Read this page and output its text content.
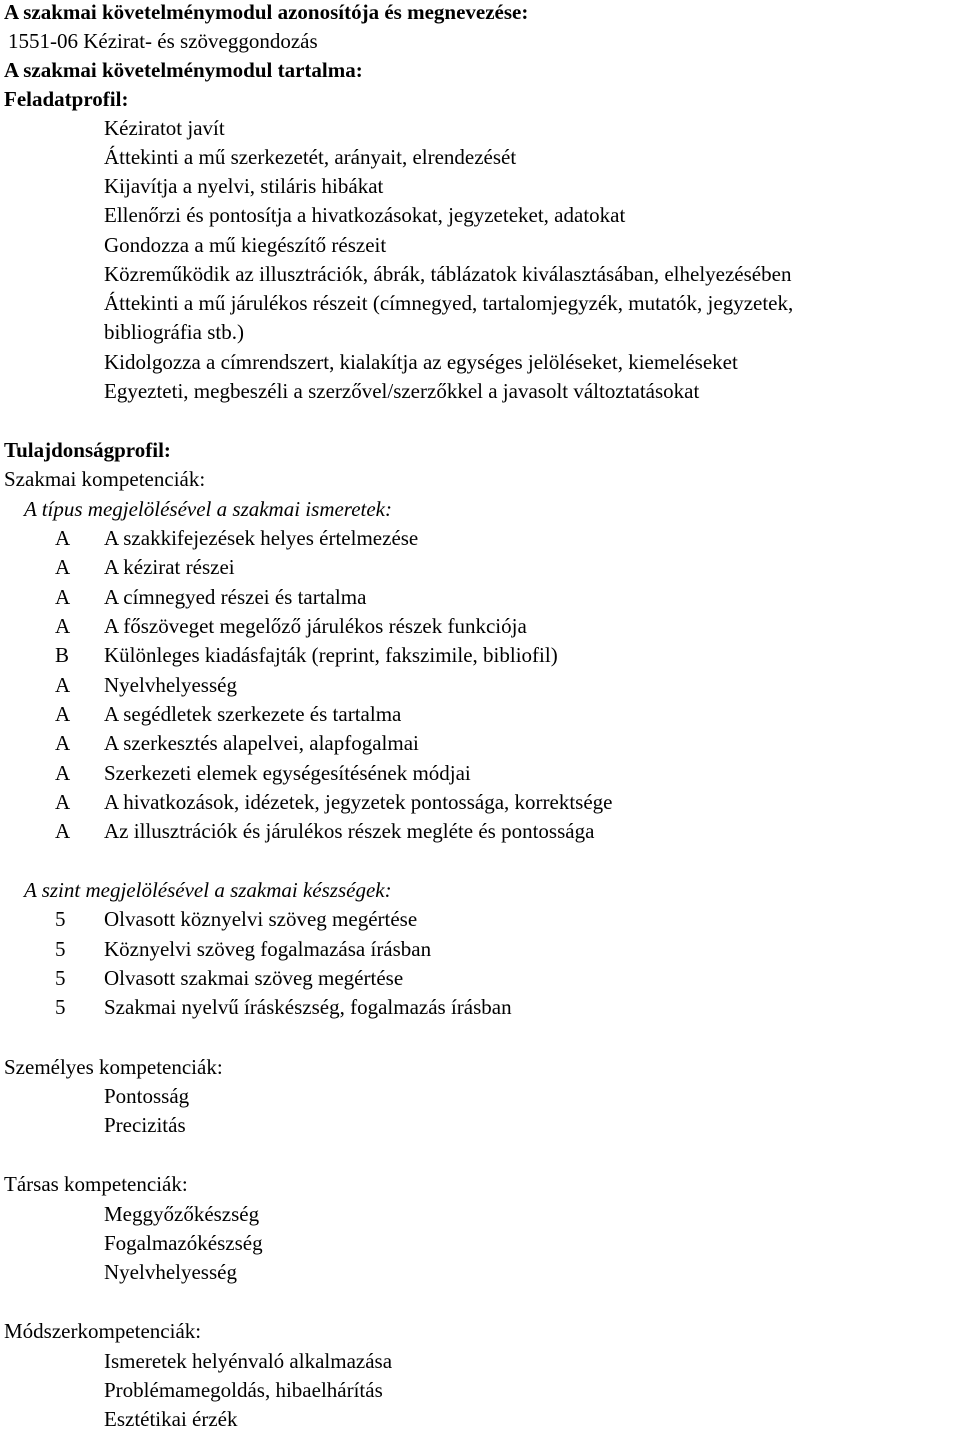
A szakmai követelménymodul azonosítója és megnevezése:
1551-06 Kézirat- és szöveggondozás
A szakmai követelménymodul tartalma:
Feladatprofil:
Kéziratot javít
Áttekinti a mű szerkezetét, arányait, elrendezését
Kijavítja a nyelvi, stiláris hibákat
Ellenőrzi és pontosítja a hivatkozásokat, jegyzeteket, adatokat
Gondozza a mű kiegészítő részeit
Közreműködik az illusztrációk, ábrák, táblázatok kiválasztásában, elhelyezésében
Áttekinti a mű járulékos részeit (címnegyed, tartalomjegyzék, mutatók, jegyzetek,
bibliográfia stb.)
Kidolgozza a címrendszert, kialakítja az egységes jelöléseket, kiemeléseket
Egyezteti, megbeszéli a szerzővel/szerzőkkel a javasolt változtatásokat
Tulajdonságprofil:
Szakmai kompetenciák:
A típus megjelölésével a szakmai ismeretek:
A	A szakkifejezések helyes értelmezése
A	A kézirat részei
A	A címnegyed részei és tartalma
A	A főszöveget megelőző járulékos részek funkciója
B	Különleges kiadásfajták (reprint, fakszimile, bibliofil)
A	Nyelvhelyesség
A	A segédletek szerkezete és tartalma
A	A szerkesztés alapelvei, alapfogalmai
A	Szerkezeti elemek egységesítésének módjai
A	A hivatkozások, idézetek, jegyzetek pontossága, korrektsége
A	Az illusztrációk és járulékos részek megléte és pontossága
A szint megjelölésével a szakmai készségek:
5	Olvasott köznyelvi szöveg megértése
5	Köznyelvi szöveg fogalmazása írásban
5	Olvasott szakmai szöveg megértése
5	Szakmai nyelvű íráskészség, fogalmazás írásban
Személyes kompetenciák:
Pontosság
Precizitás
Társas kompetenciák:
Meggyőzőkészség
Fogalmazókészség
Nyelvhelyesség
Módszerkompetenciák:
Ismeretek helyénvaló alkalmazása
Problémamegoldás, hibaelhárítás
Esztétikai érzék
